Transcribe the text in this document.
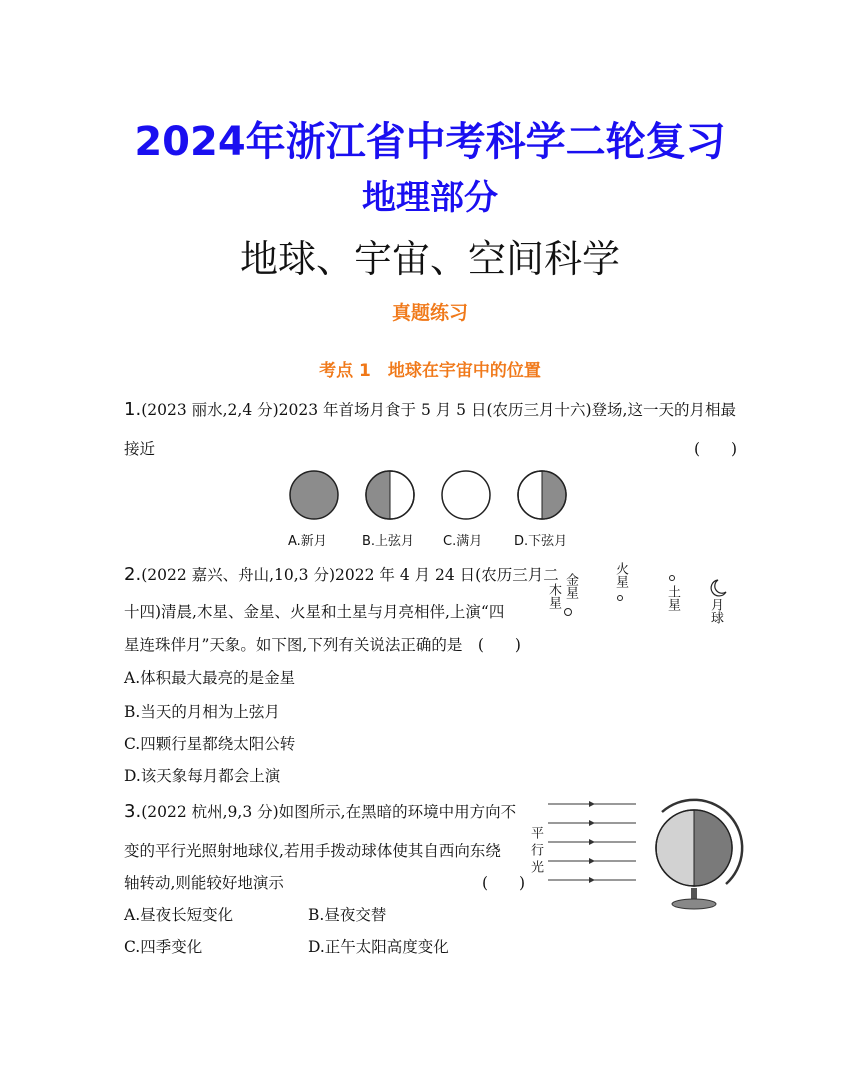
2024年浙江省中考科学二轮复习
地理部分
地球、宇宙、空间科学
真题练习
考点 1　地球在宇宙中的位置
1.(2023 丽水,2,4 分)2023 年首场月食于 5 月 5 日(农历三月十六)登场,这一天的月相最
接近	(　　)
A.新月	B.上弦月 C.满月 D.下弦月
2.(2022 嘉兴、舟山,10,3 分)2022 年 4 月 24 日(农历三月二
十四)清晨,木星、金星、火星和土星与月亮相伴,上演“四
星连珠伴月”天象。如下图,下列有关说法正确的是　(　　)
A.体积最大最亮的是金星
B.当天的月相为上弦月
C.四颗行星都绕太阳公转
D.该天象每月都会上演
木星 金星	火星
土星 月球
3.(2022 杭州,9,3 分)如图所示,在黑暗的环境中用方向不
变的平行光照射地球仪,若用手拨动球体使其自西向东绕
轴转动,则能较好地演示	(　　)
A.昼夜长短变化	B.昼夜交替
C.四季变化	D.正午太阳高度变化
平行光
